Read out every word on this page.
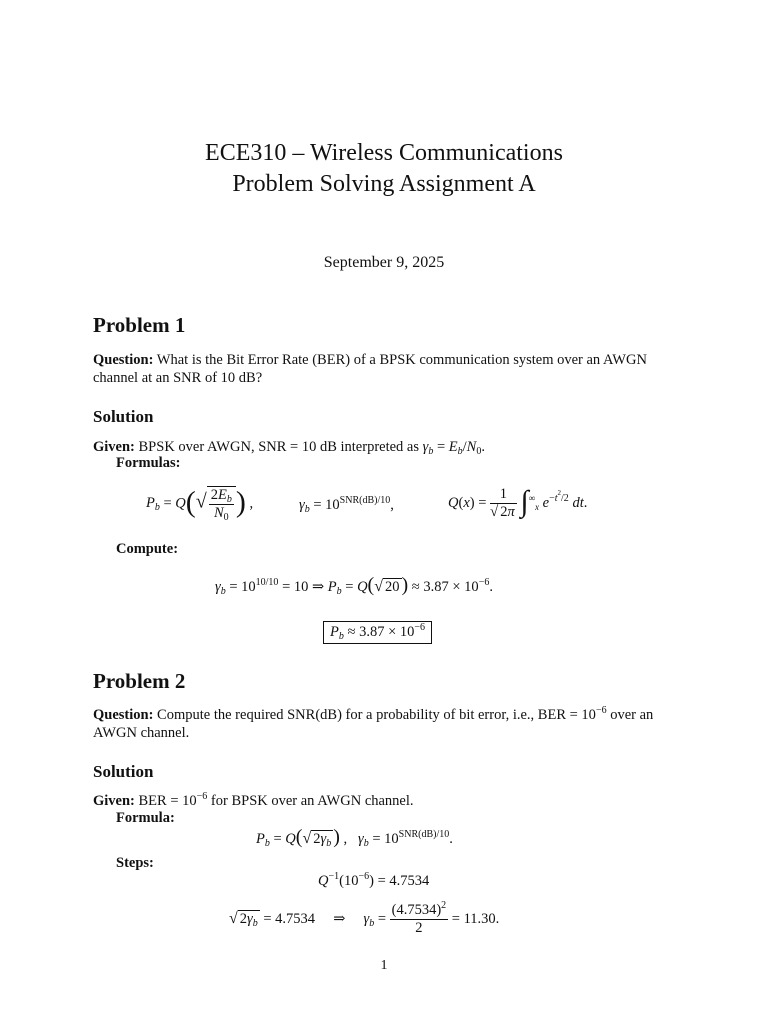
ECE310 – Wireless Communications
Problem Solving Assignment A
September 9, 2025
Problem 1
Question: What is the Bit Error Rate (BER) of a BPSK communication system over an AWGN channel at an SNR of 10 dB?
Solution
Given: BPSK over AWGN, SNR = 10 dB interpreted as $\gamma_b = E_b/N_0$.
Formulas:
$P_b = Q(√ \frac{2E_b}{N_0}$ ) ,	$\gamma_b = 10^{SNR(dB)/10}$,	$Q(x) = \frac{1}{√ 2\pi} \int^\infty_x$ $e^{-t^2/2}$ dt.
Compute:
$\gamma_b = 10^{10/10} = 10$ ⇒ $P_b = Q(√$ 20 ) ≈ $3.87 \times 10^{-6}$.
$P_b \approx 3.87 \times 10^{-6}$
Problem 2
Question: Compute the required SNR(dB) for a probability of bit error, i.e., BER = $10^{-6}$ over an AWGN channel.
Solution
Given: BER = $10^{-6}$ for BPSK over an AWGN channel.
Formula:
$P_b = Q(√$ $2\gamma_b$ ) ,   $\gamma_b = 10^{SNR(dB)/10}$.
Steps:
$Q^{-1}(10^{-6}) = 4.7534$
√ $2\gamma_b = 4.7534$     ⇒     $\gamma_b = \frac{(4.7534)^2}{2} = 11.30$.
1
